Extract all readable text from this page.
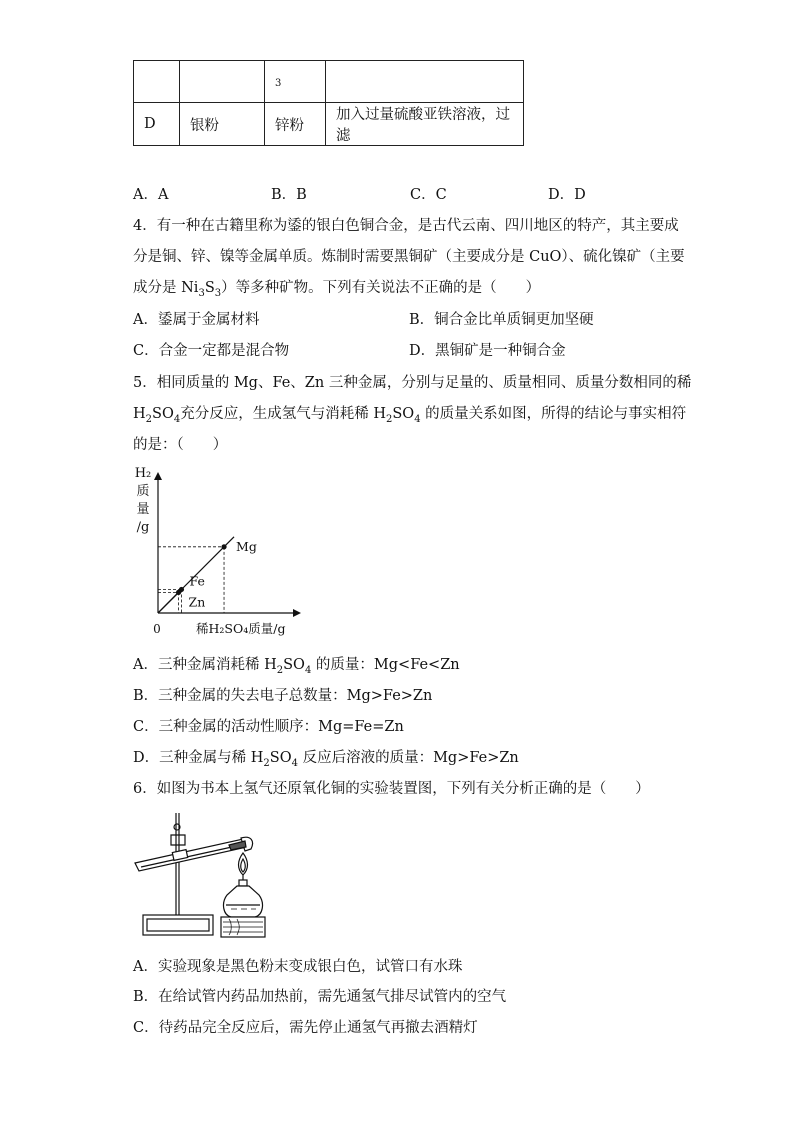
		3	
D	银粉	锌粉	加入过量硫酸亚铁溶液，过滤
A．A	B．B	C．C	D．D
4．有一种在古籍里称为鋈的银白色铜合金，是古代云南、四川地区的特产，其主要成
分是铜、锌、镍等金属单质。炼制时需要黑铜矿（主要成分是 CuO）、硫化镍矿（主要
成分是 $Ni_3S_3$）等多种矿物。下列有关说法不正确的是（　　）
A．鋈属于金属材料	B．铜合金比单质铜更加坚硬
C．合金一定都是混合物	D．黑铜矿是一种铜合金
5．相同质量的 Mg、Fe、Zn 三种金属，分别与足量的、质量相同、质量分数相同的稀
$H_2SO_4$充分反应，生成氢气与消耗稀 $H_2SO_4$ 的质量关系如图，所得的结论与事实相符
的是：（　　）
H₂
质
量
/g
0	稀H₂SO₄质量/g
Mg
Fe
Zn
A．三种金属消耗稀 $H_2SO_4$ 的质量：Mg<Fe<Zn
B．三种金属的失去电子总数量：Mg>Fe>Zn
C．三种金属的活动性顺序：Mg=Fe=Zn
D．三种金属与稀 $H_2SO_4$ 反应后溶液的质量：Mg>Fe>Zn
6．如图为书本上氢气还原氧化铜的实验装置图，下列有关分析正确的是（　　）
A．实验现象是黑色粉末变成银白色，试管口有水珠
B．在给试管内药品加热前，需先通氢气排尽试管内的空气
C．待药品完全反应后，需先停止通氢气再撤去酒精灯
